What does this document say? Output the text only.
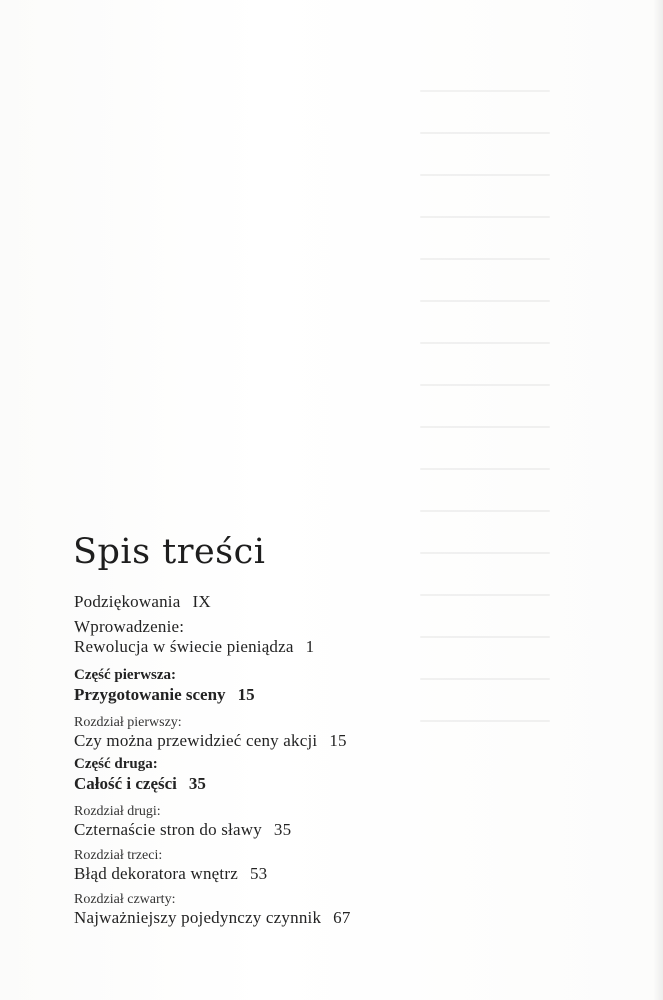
Spis treści
Podziękowania IX
Wprowadzenie:
Rewolucja w świecie pieniądza 1
Część pierwsza:
Przygotowanie sceny 15
Rozdział pierwszy:
Czy można przewidzieć ceny akcji 15
Część druga:
Całość i części 35
Rozdział drugi:
Czternaście stron do sławy 35
Rozdział trzeci:
Błąd dekoratora wnętrz 53
Rozdział czwarty:
Najważniejszy pojedynczy czynnik 67
